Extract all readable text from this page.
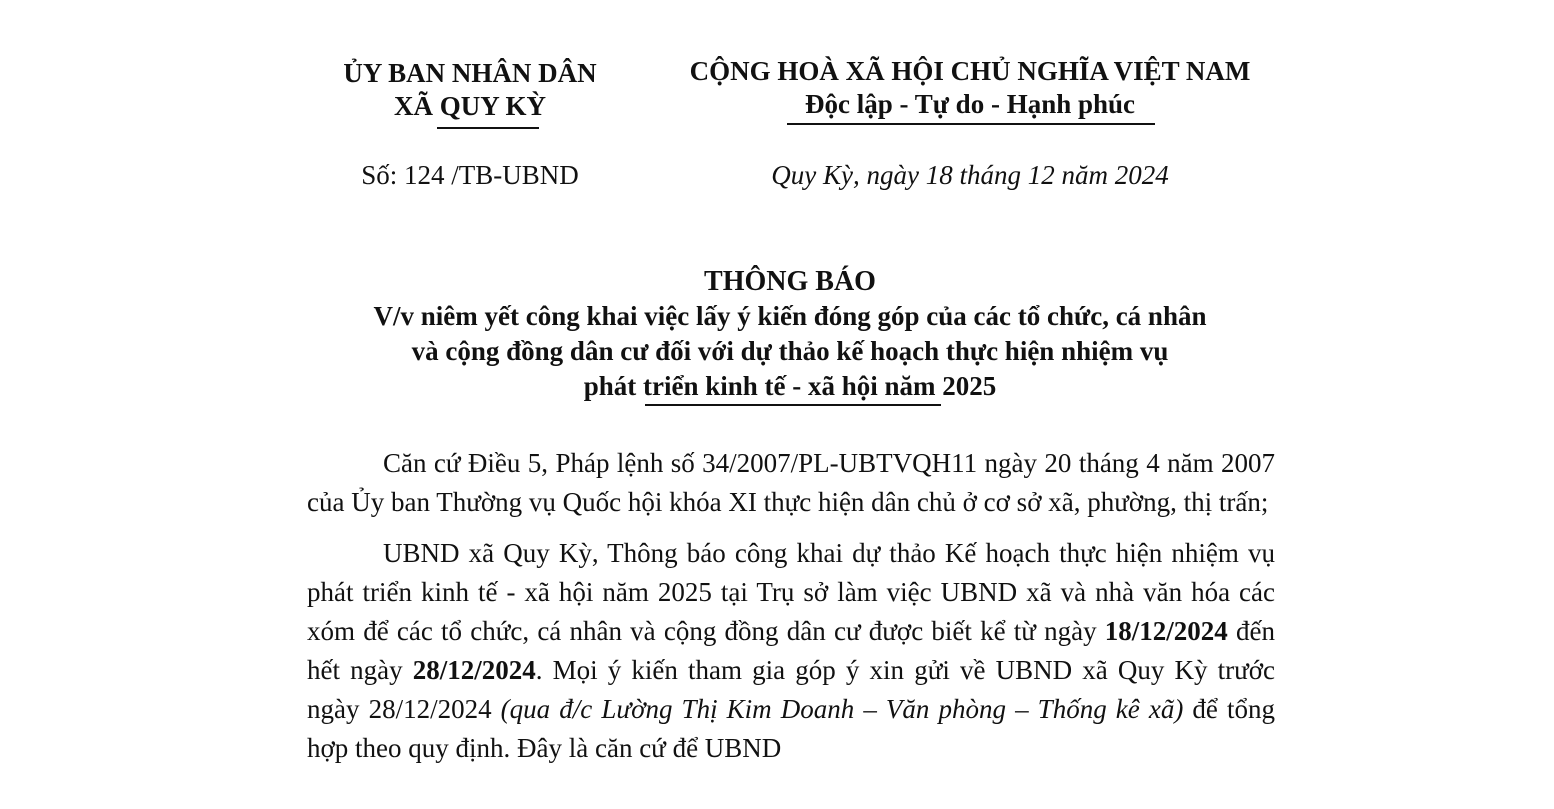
ỦY BAN NHÂN DÂN
XÃ QUY KỲ
CỘNG HOÀ XÃ HỘI CHỦ NGHĨA VIỆT NAM
Độc lập - Tự do - Hạnh phúc
Số: 124 /TB-UBND	Quy Kỳ, ngày 18 tháng 12 năm 2024
THÔNG BÁO
V/v niêm yết công khai việc lấy ý kiến đóng góp của các tổ chức, cá nhân
và cộng đồng dân cư đối với dự thảo kế hoạch thực hiện nhiệm vụ
phát triển kinh tế - xã hội năm 2025

Căn cứ Điều 5, Pháp lệnh số 34/2007/PL-UBTVQH11 ngày 20 tháng 4 năm 2007 của Ủy ban Thường vụ Quốc hội khóa XI thực hiện dân chủ ở cơ sở xã, phường, thị trấn;

UBND xã Quy Kỳ, Thông báo công khai dự thảo Kế hoạch thực hiện nhiệm vụ phát triển kinh tế - xã hội năm 2025 tại Trụ sở làm việc UBND xã và nhà văn hóa các xóm để các tổ chức, cá nhân và cộng đồng dân cư được biết kể từ ngày 18/12/2024 đến hết ngày 28/12/2024. Mọi ý kiến tham gia góp ý xin gửi về UBND xã Quy Kỳ trước ngày 28/12/2024 (qua đ/c Lường Thị Kim Doanh – Văn phòng – Thống kê xã) để tổng hợp theo quy định. Đây là căn cứ để UBND
